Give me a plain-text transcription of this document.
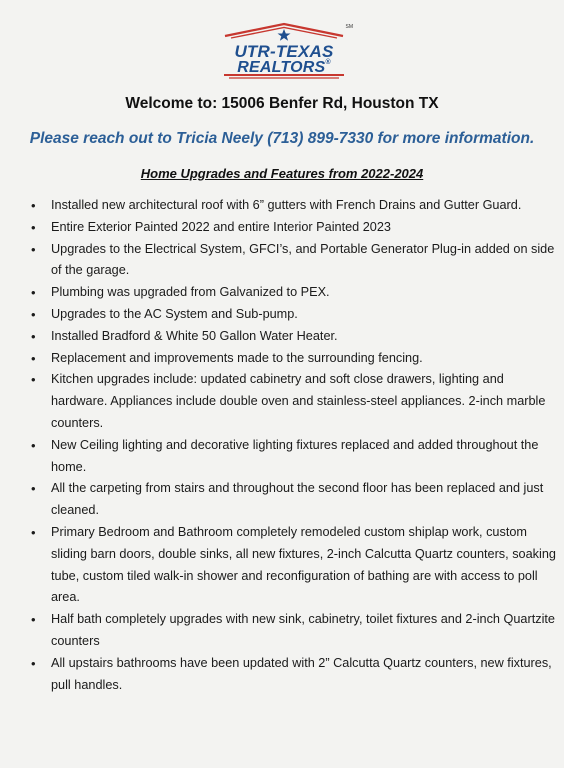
UTR-TEXAS
REALTORS®
SM
Welcome to: 15006 Benfer Rd, Houston TX
Please reach out to Tricia Neely (713) 899-7330 for more information.
Home Upgrades and Features from 2022-2024
• Installed new architectural roof with 6” gutters with French Drains and Gutter Guard.
• Entire Exterior Painted 2022 and entire Interior Painted 2023
• Upgrades to the Electrical System, GFCI’s, and Portable Generator Plug-in added on side of the garage.
• Plumbing was upgraded from Galvanized to PEX.
• Upgrades to the AC System and Sub-pump.
• Installed Bradford & White 50 Gallon Water Heater.
• Replacement and improvements made to the surrounding fencing.
• Kitchen upgrades include: updated cabinetry and soft close drawers, lighting and hardware. Appliances include double oven and stainless-steel appliances. 2-inch marble counters.
• New Ceiling lighting and decorative lighting fixtures replaced and added throughout the home.
• All the carpeting from stairs and throughout the second floor has been replaced and just cleaned.
• Primary Bedroom and Bathroom completely remodeled custom shiplap work, custom sliding barn doors, double sinks, all new fixtures, 2-inch Calcutta Quartz counters, soaking tube, custom tiled walk-in shower and reconfiguration of bathing are with access to poll area.
• Half bath completely upgrades with new sink, cabinetry, toilet fixtures and 2-inch Quartzite counters
• All upstairs bathrooms have been updated with 2” Calcutta Quartz counters, new fixtures, pull handles.
